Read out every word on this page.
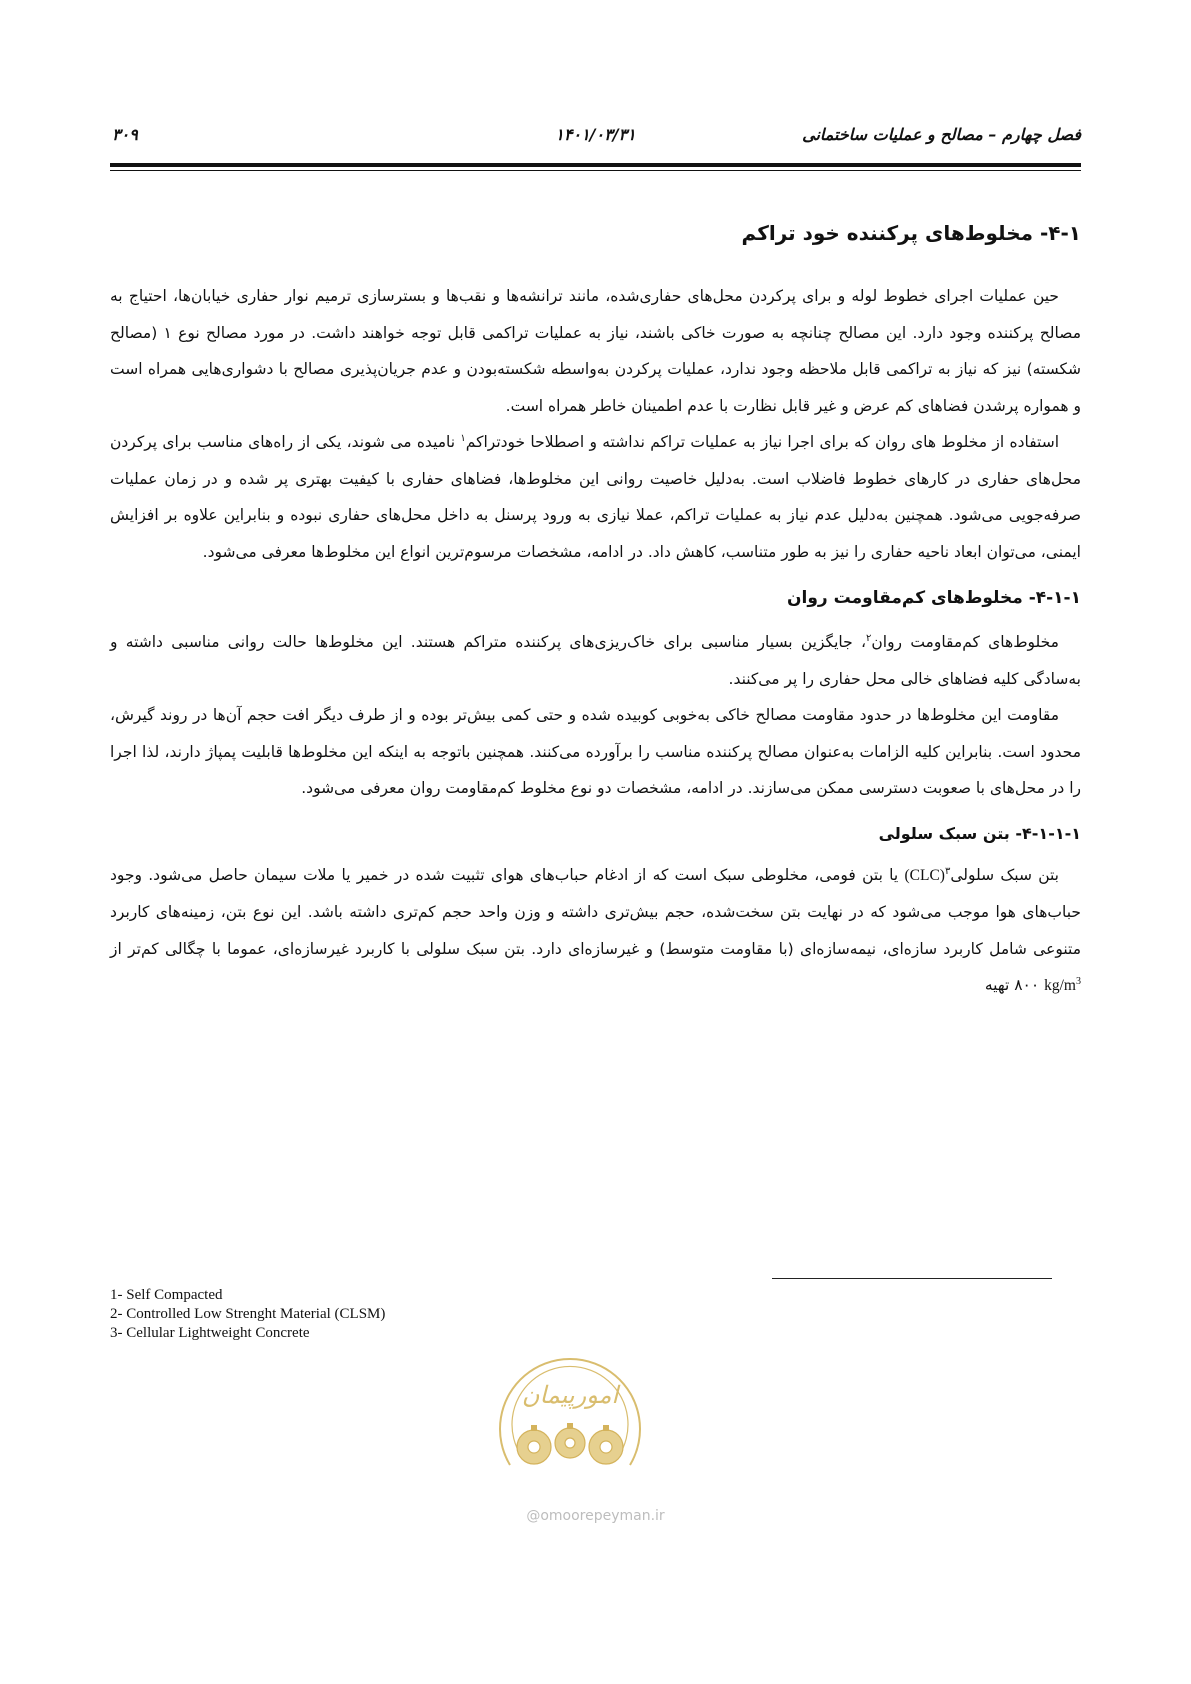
فصل چهارم – مصالح و عملیات ساختمانی
۱۴۰۱/۰۳/۳۱
۳۰۹
۴-۱- مخلوط‌های پرکننده خود تراکم

حین عملیات اجرای خطوط لوله و برای پرکردن محل‌های حفاری‌شده، مانند ترانشه‌ها و نقب‌ها و بسترسازی ترمیم نوار حفاری خیابان‌ها، احتیاج به مصالح پرکننده وجود دارد. این مصالح چنانچه به صورت خاکی باشند، نیاز به عملیات تراکمی قابل توجه خواهند داشت. در مورد مصالح نوع ۱ (مصالح شکسته) نیز که نیاز به تراکمی قابل ملاحظه وجود ندارد، عملیات پرکردن به‌واسطه شکسته‌بودن و عدم جریان‌پذیری مصالح با دشواری‌هایی همراه است و همواره پرشدن فضاهای کم عرض و غیر قابل نظارت با عدم اطمینان خاطر همراه است.

استفاده از مخلوط های روان که برای اجرا نیاز به عملیات تراکم نداشته و اصطلاحا خودتراکم$^۱$ نامیده می شوند، یکی از راه‌های مناسب برای پرکردن محل‌های حفاری در کارهای خطوط فاضلاب است. به‌دلیل خاصیت روانی این مخلوط‌ها، فضاهای حفاری با کیفیت بهتری پر شده و در زمان عملیات صرفه‌جویی می‌شود. همچنین به‌دلیل عدم نیاز به عملیات تراکم، عملا نیازی به ورود پرسنل به داخل محل‌های حفاری نبوده و بنابراین علاوه بر افزایش ایمنی، می‌توان ابعاد ناحیه حفاری را نیز به طور متناسب، کاهش داد. در ادامه، مشخصات مرسوم‌ترین انواع این مخلوط‌ها معرفی می‌شود.

۴-۱-۱- مخلوط‌های کم‌مقاومت روان

مخلوط‌های کم‌مقاومت روان$^۲$، جایگزین بسیار مناسبی برای خاک‌ریزی‌های پرکننده متراکم هستند. این مخلوط‌ها حالت روانی مناسبی داشته و به‌سادگی کلیه فضاهای خالی محل حفاری را پر می‌کنند.

مقاومت این مخلوط‌ها در حدود مقاومت مصالح خاکی به‌خوبی کوبیده شده و حتی کمی بیش‌تر بوده و از طرف دیگر افت حجم آن‌ها در روند گیرش، محدود است. بنابراین کلیه الزامات به‌عنوان مصالح پرکننده مناسب را برآورده می‌کنند. همچنین باتوجه به اینکه این مخلوط‌ها قابلیت پمپاژ دارند، لذا اجرا را در محل‌های با صعوبت دسترسی ممکن می‌سازند. در ادامه، مشخصات دو نوع مخلوط کم‌مقاومت روان معرفی می‌شود.

۴-۱-۱-۱- بتن سبک سلولی

بتن سبک سلولی$^۳$(CLC) یا بتن فومی، مخلوطی سبک است که از ادغام حباب‌های هوای تثبیت شده در خمیر یا ملات سیمان حاصل می‌شود. وجود حباب‌های هوا موجب می‌شود که در نهایت بتن سخت‌شده، حجم بیش‌تری داشته و وزن واحد حجم کم‌تری داشته باشد. این نوع بتن، زمینه‌های کاربرد متنوعی شامل کاربرد سازه‌ای، نیمه‌سازه‌ای (با مقاومت متوسط) و غیرسازه‌ای دارد. بتن سبک سلولی با کاربرد غیرسازه‌ای، عموما با چگالی کم‌تر از $kg/m^3$ ۸۰۰ تهیه

1- Self Compacted
2- Controlled Low Strenght Material (CLSM)
3- Cellular Lightweight Concrete
امورپیمان
@omoorepeyman.ir
